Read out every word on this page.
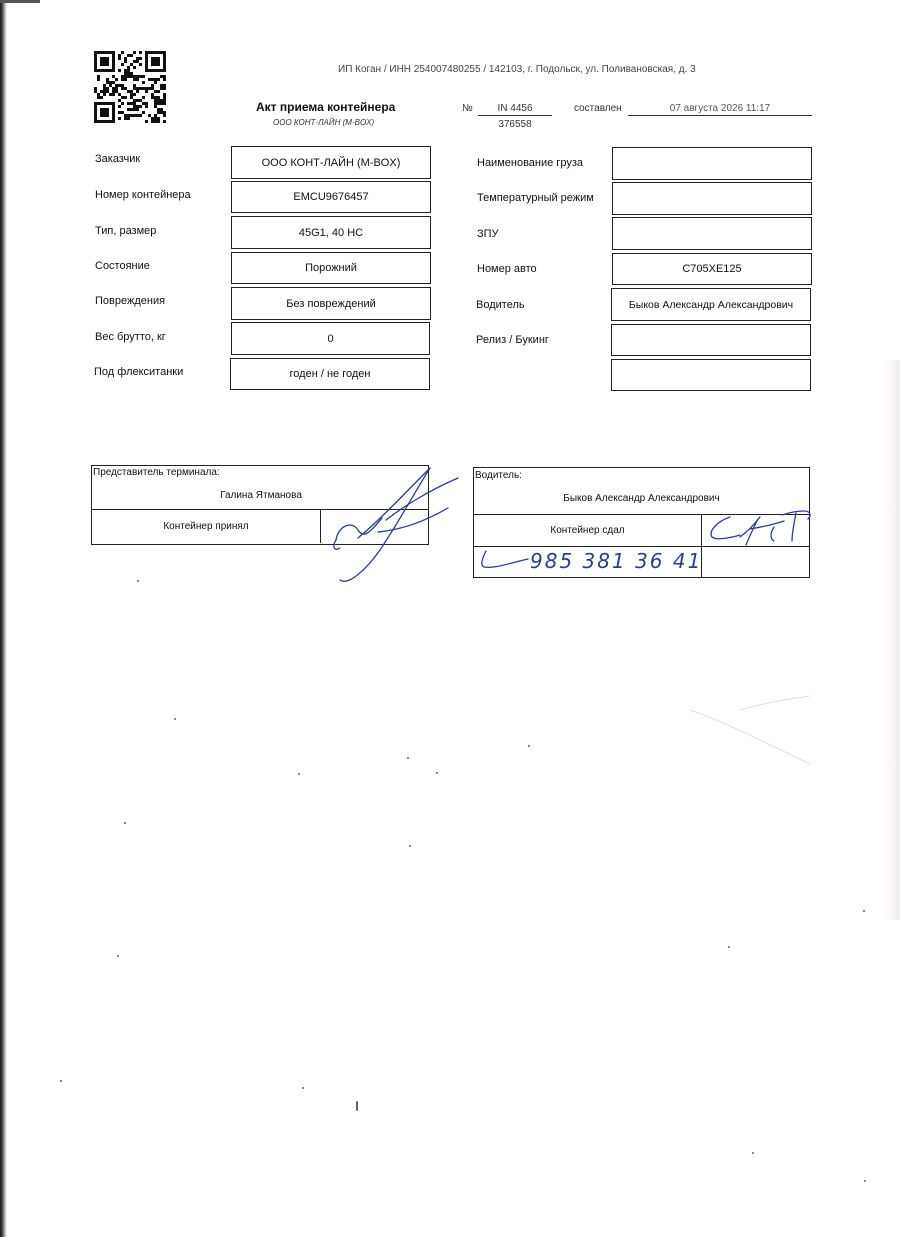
ИП Коган / ИНН 254007480255 / 142103, г. Подольск, ул. Поливановская, д. 3
Акт приема контейнера
ООО КОНТ-ЛАЙН (M-BOX)
№	IN 4456
376558
составлен	07 августа 2026 11:17
Заказчик	ООО КОНТ-ЛАЙН (M-BOX)
Номер контейнера	EMCU9676457
Тип, размер	45G1, 40 HC
Состояние	Порожний
Повреждения	Без повреждений
Вес брутто, кг	0
Под флекситанки	годен / не годен
Наименование груза
Температурный режим
ЗПУ
Номер авто	С705ХЕ125
Водитель	Быков Александр Александрович
Релиз / Букинг
Представитель терминала:
Галина Ятманова
Контейнер принял
Водитель:
Быков Александр Александрович
Контейнер сдал
985 381 36 41
